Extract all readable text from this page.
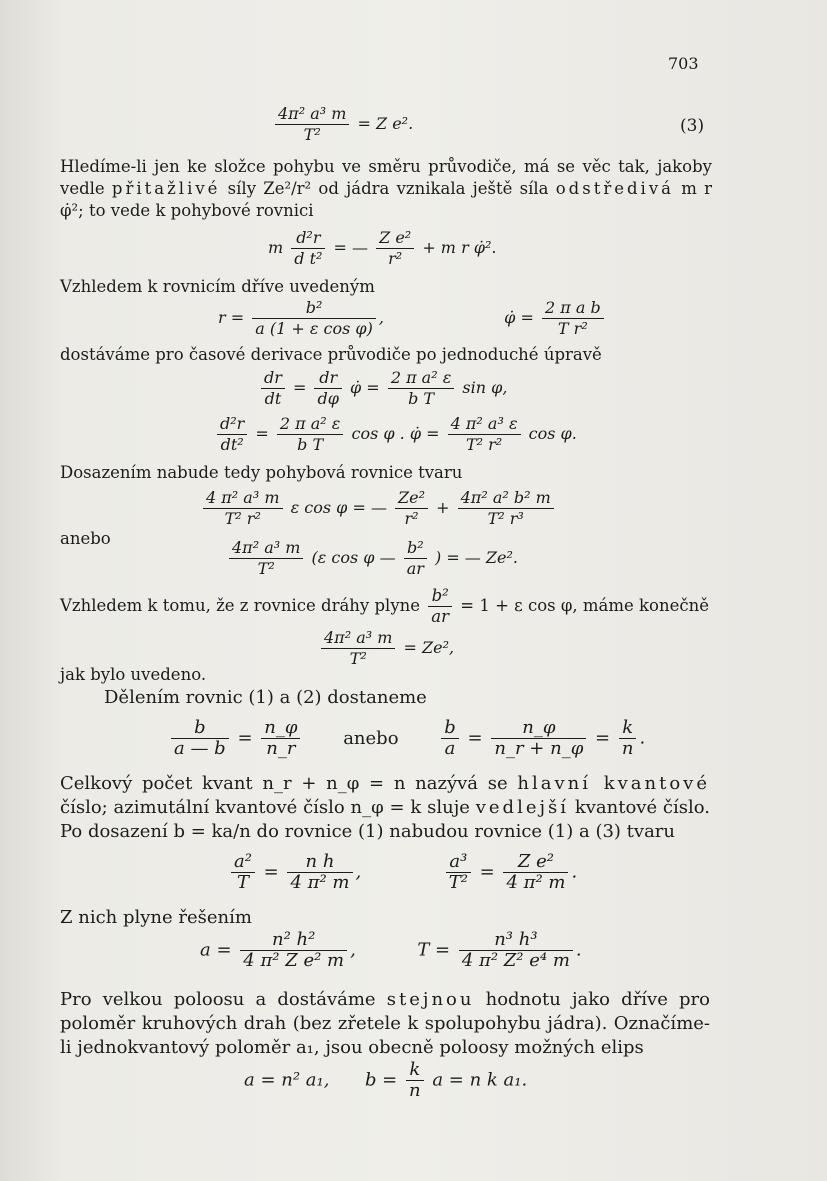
703
$\frac{\text{4π² a³ m}}{\text{T²}} = Z$ e².	(3)
Hledíme-li jen ke složce pohybu ve směru průvodiče, má se věc tak, jakoby vedle přitažlivé síly Ze²/r² od jádra vznikala ještě síla odstředivá m r φ̇²; to vede k pohybové rovnici
m $\frac{\text{d²r}}{\text{d t²}}$ = — $\frac{\text{Z e²}}{\text{r²}} + m$ r φ̇².
Vzhledem k rovnicím dříve uvedeným
$r = \frac{\text{b²}}{\text{a (1 + ε cos φ)}}$ ,	φ̇ = $\frac{\text{2 π a b}}{\text{T r²}}$
dostáváme pro časové derivace průvodiče po jednoduché úpravě
$\frac{dr}{dt} = \frac{dr}{d\varphi}$ φ̇ = $\frac{\text{2 π a² ε}}{\text{b T}}$ sin φ,
$\frac{\text{d²r}}{\text{dt²}} = \frac{\text{2 π a² ε}}{\text{b T}}$ cos φ . φ̇ = $\frac{\text{4 π² a³ ε}}{\text{T² r²}}$ cos φ.
Dosazením nabude tedy pohybová rovnice tvaru
$\frac{\text{4 π² a³ m}}{\text{T² r²}}$ ε cos φ = — $\frac{\text{Ze²}}{\text{r²}} + \frac{\text{4π² a² b² m}}{\text{T² r³}}$
anebo	$\frac{\text{4π² a³ m}}{\text{T²}} (\varepsilon$ cos φ — $\frac{\text{b²}}{ar}$ ) = — Ze².
Vzhledem k tomu, že z rovnice dráhy plyne $\frac{\text{b²}}{ar} = 1 + \varepsilon$ cos φ, máme konečně
$\frac{\text{4π² a³ m}}{\text{T²}} = Ze^2$,
jak bylo uvedeno.
Dělením rovnic (1) a (2) dostaneme
$\frac{b}{a — b} = \frac{n\_\varphi}{n\_r}$ anebo $\frac{b}{a} = \frac{n\_\varphi}{n\_r + n\_\varphi} = \frac{k}{n}$ .
Celkový počet kvant n_r + n_φ = n nazývá se hlavní kvantové číslo; azimutální kvantové číslo n_φ = k sluje vedlejší kvantové číslo. Po dosazení b = ka/n do rovnice (1) nabudou rovnice (1) a (3) tvaru
$\frac{\text{a²}}{T} = \frac{\text{n h}}{\text{4 π² m}}$ ,	$\frac{\text{a³}}{\text{T²}} = \frac{\text{Z e²}}{\text{4 π² m}}$ .
Z nich plyne řešením
$a = \frac{\text{n² h²}}{\text{4 π² Z e² m}}$ ,	$T = \frac{\text{n³ h³}}{\text{4 π² Z² e⁴ m}}$ .
Pro velkou poloosu a dostáváme stejnou hodnotu jako dříve pro poloměr kruhových drah (bez zřetele k spolupohybu jádra). Označíme-li jednokvantový poloměr a₁, jsou obecně poloosy možných elips
a = n² a₁, $b = \frac{k}{n}$ a = n k a₁.
